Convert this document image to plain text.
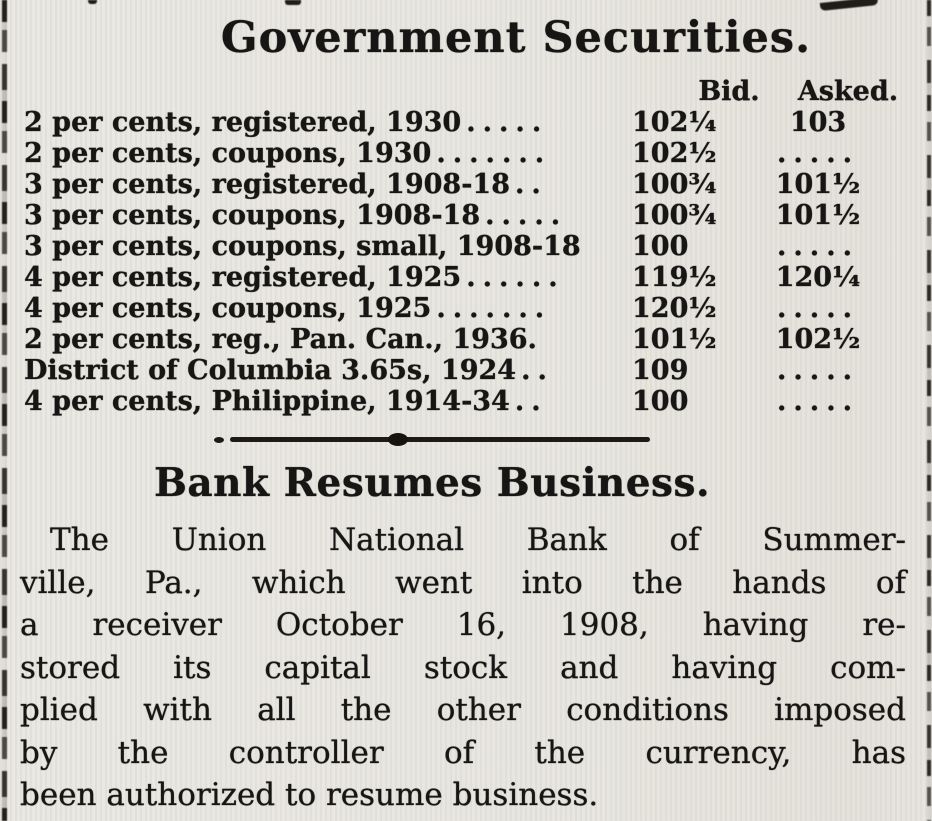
Government Securities.
Bid.	Asked.
2 per cents, registered, 1930 .....	102¼	103
2 per cents, coupons, 1930 .......	102½	.....
3 per cents, registered, 1908-18 ..	100¾	101½
3 per cents, coupons, 1908-18 .....	100¾	101½
3 per cents, coupons, small, 1908-18	100	.....
4 per cents, registered, 1925 ......	119½	120¼
4 per cents, coupons, 1925 .......	120½	.....
2 per cents, reg., Pan. Can., 1936.	101½	102½
District of Columbia 3.65s, 1924 ..	109	.....
4 per cents, Philippine, 1914-34 ..	100	.....
Bank Resumes Business.
The Union National Bank of Summer-
ville, Pa., which went into the hands of
a receiver October 16, 1908, having re-
stored its capital stock and having com-
plied with all the other conditions imposed
by the controller of the currency, has
been authorized to resume business.
